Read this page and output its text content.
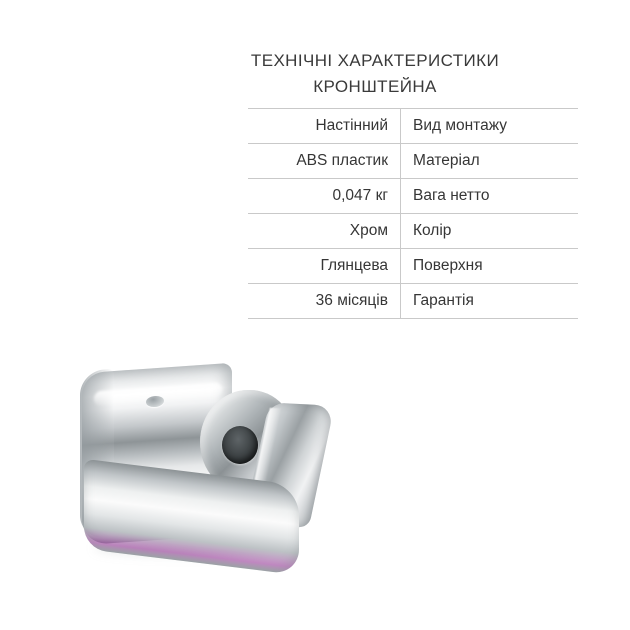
ТЕХНІЧНІ ХАРАКТЕРИСТИКИ
КРОНШТЕЙНА
Настінний	Вид монтажу
ABS пластик	Матеріал
0,047 кг	Вага нетто
Хром	Колір
Глянцева	Поверхня
36 місяців	Гарантія
